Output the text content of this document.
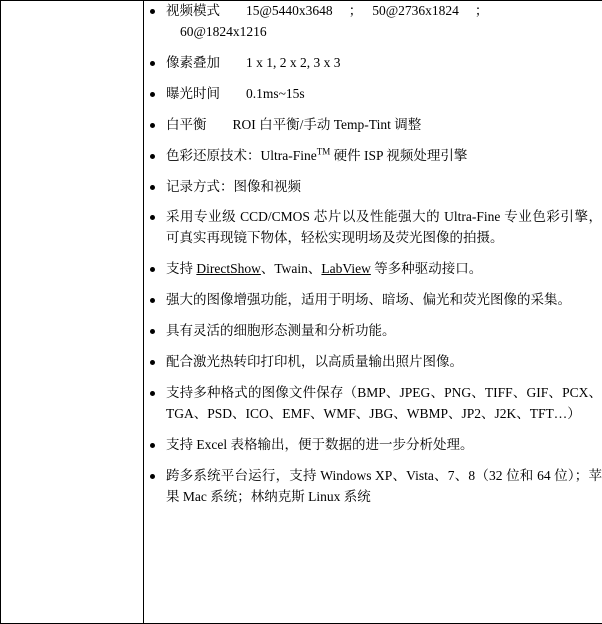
视频模式 15@5440x3648 ； 50@2736x1824 ；
60@1824x1216
像素叠加 1 x 1, 2 x 2, 3 x 3
曝光时间 0.1ms~15s
白平衡 ROI 白平衡/手动 Temp-Tint 调整
色彩还原技术：Ultra-Fine™ 硬件 ISP 视频处理引擎
记录方式：图像和视频
采用专业级 CCD/CMOS 芯片以及性能强大的 Ultra-Fine 专业色彩引擎，可真实再现镜下物体，轻松实现明场及荧光图像的拍摄。
支持 DirectShow、Twain、LabView 等多种驱动接口。
强大的图像增强功能，适用于明场、暗场、偏光和荧光图像的采集。
具有灵活的细胞形态测量和分析功能。
配合激光热转印打印机，以高质量输出照片图像。
支持多种格式的图像文件保存（BMP、JPEG、PNG、TIFF、GIF、PCX、TGA、PSD、ICO、EMF、WMF、JBG、WBMP、JP2、J2K、TFT…）
支持 Excel 表格输出，便于数据的进一步分析处理。
跨多系统平台运行，支持 Windows XP、Vista、7、8（32 位和 64 位）；苹果 Mac 系统；林纳克斯 Linux 系统
